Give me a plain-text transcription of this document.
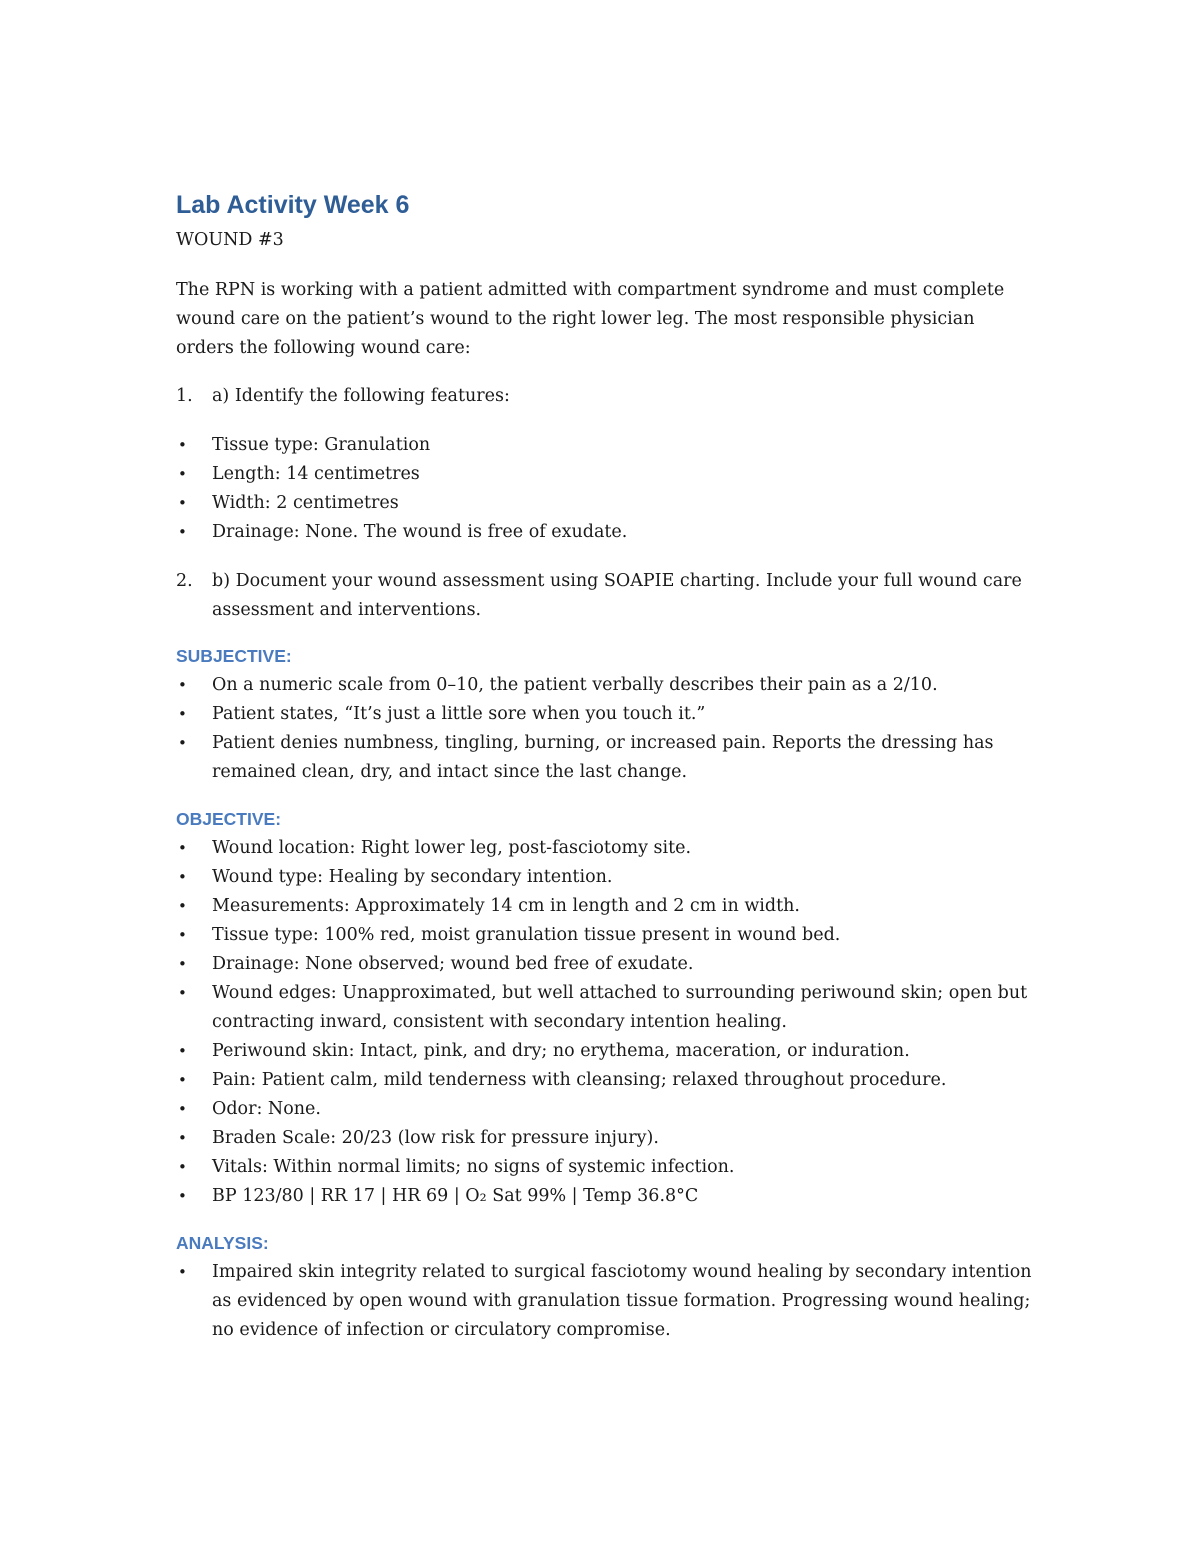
Lab Activity Week 6

WOUND #3

The RPN is working with a patient admitted with compartment syndrome and must complete wound care on the patient’s wound to the right lower leg. The most responsible physician orders the following wound care:

1. a) Identify the following features:
• Tissue type: Granulation
• Length: 14 centimetres
• Width: 2 centimetres
• Drainage: None. The wound is free of exudate.
2. b) Document your wound assessment using SOAPIE charting. Include your full wound care assessment and interventions.
SUBJECTIVE:
• On a numeric scale from 0–10, the patient verbally describes their pain as a 2/10.
• Patient states, “It’s just a little sore when you touch it.”
• Patient denies numbness, tingling, burning, or increased pain. Reports the dressing has remained clean, dry, and intact since the last change.
OBJECTIVE:
• Wound location: Right lower leg, post-fasciotomy site.
• Wound type: Healing by secondary intention.
• Measurements: Approximately 14 cm in length and 2 cm in width.
• Tissue type: 100% red, moist granulation tissue present in wound bed.
• Drainage: None observed; wound bed free of exudate.
• Wound edges: Unapproximated, but well attached to surrounding periwound skin; open but contracting inward, consistent with secondary intention healing.
• Periwound skin: Intact, pink, and dry; no erythema, maceration, or induration.
• Pain: Patient calm, mild tenderness with cleansing; relaxed throughout procedure.
• Odor: None.
• Braden Scale: 20/23 (low risk for pressure injury).
• Vitals: Within normal limits; no signs of systemic infection.
• BP 123/80 | RR 17 | HR 69 | O₂ Sat 99% | Temp 36.8°C
ANALYSIS:
• Impaired skin integrity related to surgical fasciotomy wound healing by secondary intention as evidenced by open wound with granulation tissue formation. Progressing wound healing; no evidence of infection or circulatory compromise.
